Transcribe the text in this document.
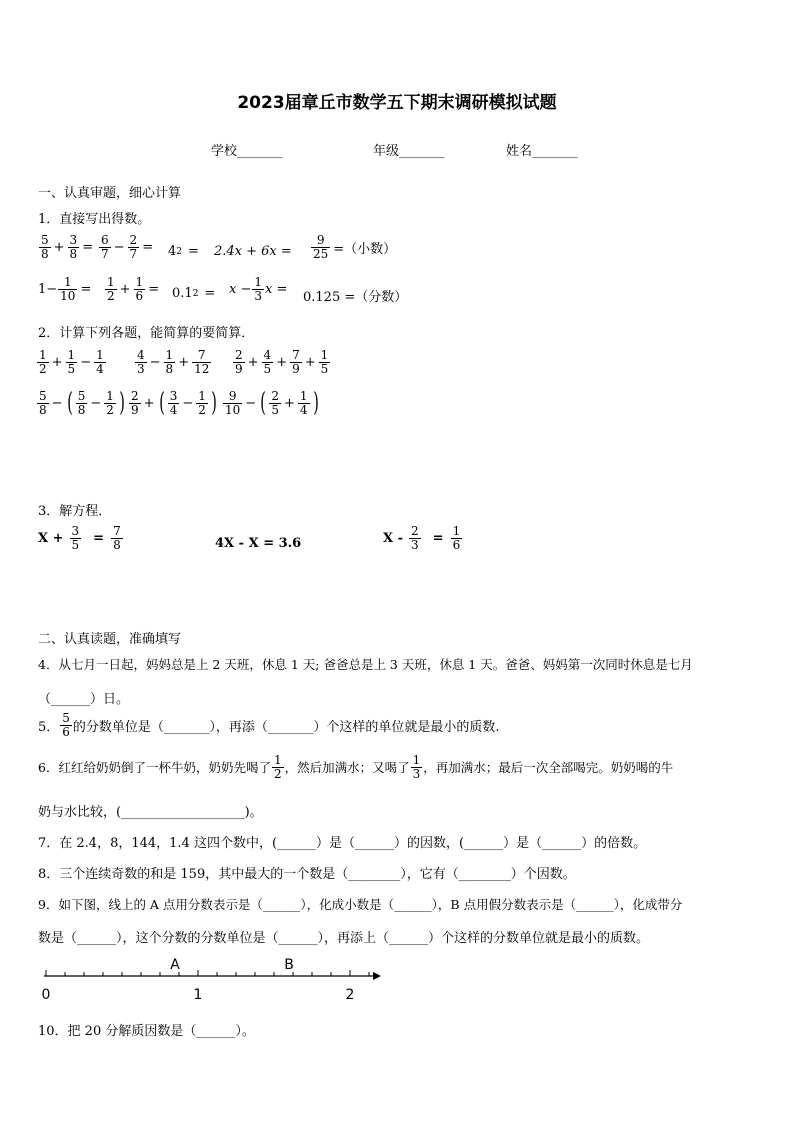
2023届章丘市数学五下期末调研模拟试题
学校_______	年级_______	姓名_______
一、认真审题，细心计算
1．直接写出得数。
$\frac{5}{8} + \frac{3}{8} = \frac{6}{7} - \frac{2}{7} = 4$ $2 = 2.4x + 6x = \frac{9}{25}$ =（小数）
$1- \frac{1}{10} = \frac{1}{2} + \frac{1}{6} = 0.1$ $2 = x - \frac{1}{3}$ x =
0.125 =（分数）
2．计算下列各题，能简算的要简算．
$\frac{1}{2} + \frac{1}{5} - \frac{1}{4} \frac{4}{3} - \frac{1}{8} + \frac{7}{12} \frac{2}{9} + \frac{4}{5} + \frac{7}{9} + \frac{1}{5}$
$\frac{5}{8}$ − ( $\frac{5}{8} - \frac{1}{2}$ ) $\frac{2}{9}$ + ( $\frac{3}{4} - \frac{1}{2}$ ) $\frac{9}{10}$ − ( $\frac{2}{5} + \frac{1}{4}$ )
3．解方程．
$X + \frac{3}{5} = \frac{7}{8}$	4X - X = 3.6	$X - \frac{2}{3} = \frac{1}{6}$
二、认真读题，准确填写
4．从七月一日起，妈妈总是上 2 天班，休息 1 天; 爸爸总是上 3 天班，休息 1 天。爸爸、妈妈第一次同时休息是七月
（______）日。
5． $\frac{5}{6}$ 的分数单位是（_______），再添（_______）个这样的单位就是最小的质数.
6．红红给奶奶倒了一杯牛奶，奶奶先喝了 $\frac{1}{2}$ ，然后加满水；又喝了 $\frac{1}{3}$ ，再加满水；最后一次全部喝完。奶奶喝的牛
奶与水比较，(___________________)。
7．在 2.4，8，144，1.4 这四个数中，(______）是（______）的因数，(______）是（______）的倍数。
8．三个连续奇数的和是 159，其中最大的一个数是（________），它有（________）个因数。
9．如下图，线上的 A 点用分数表示是（______），化成小数是（______），B 点用假分数表示是（______），化成带分
数是（______），这个分数的分数单位是（______），再添上（______）个这样的分数单位就是最小的质数。
A	B
0	1	2
10．把 20 分解质因数是（______）。
